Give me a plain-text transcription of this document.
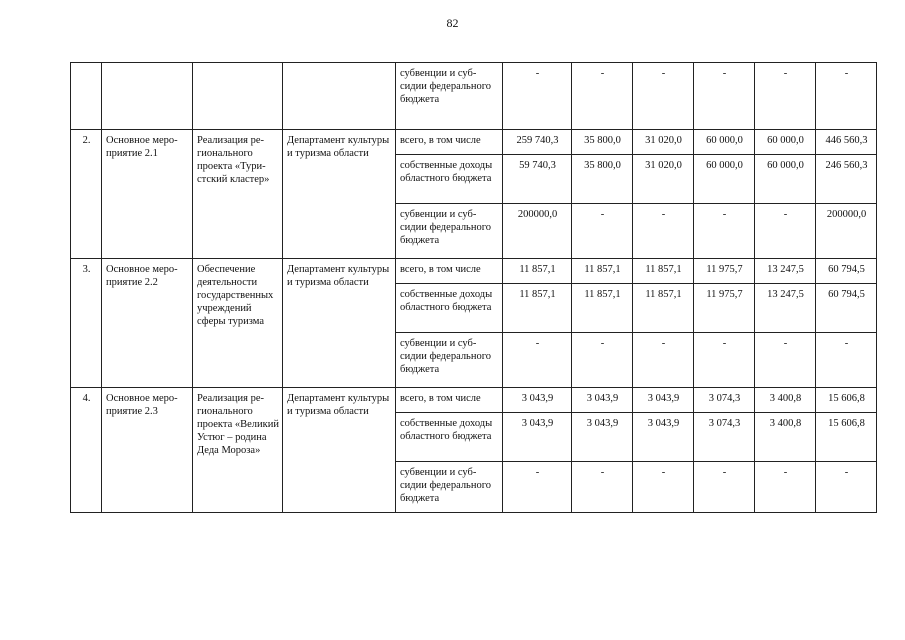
82
				субвенции и субсидии федерального бюджета	-	-	-	-	-	-
2.	Основное мероприятие 2.1	Реализация регионального проекта «Туристский кластер»	Департамент культуры и туризма области	всего, в том числе	259 740,3	35 800,0	31 020,0	60 000,0	60 000,0	446 560,3
				собственные доходы областного бюджета	59 740,3	35 800,0	31 020,0	60 000,0	60 000,0	246 560,3
				субвенции и субсидии федерального бюджета	200000,0	-	-	-	-	200000,0
3.	Основное мероприятие 2.2	Обеспечение деятельности государственных учреждений сферы туризма	Департамент культуры и туризма области	всего, в том числе	11 857,1	11 857,1	11 857,1	11 975,7	13 247,5	60 794,5
				собственные доходы областного бюджета	11 857,1	11 857,1	11 857,1	11 975,7	13 247,5	60 794,5
				субвенции и субсидии федерального бюджета	-	-	-	-	-	-
4.	Основное мероприятие 2.3	Реализация регионального проекта «Великий Устюг – родина Деда Мороза»	Департамент культуры и туризма области	всего, в том числе	3 043,9	3 043,9	3 043,9	3 074,3	3 400,8	15 606,8
				собственные доходы областного бюджета	3 043,9	3 043,9	3 043,9	3 074,3	3 400,8	15 606,8
				субвенции и субсидии федерального бюджета	-	-	-	-	-	-
